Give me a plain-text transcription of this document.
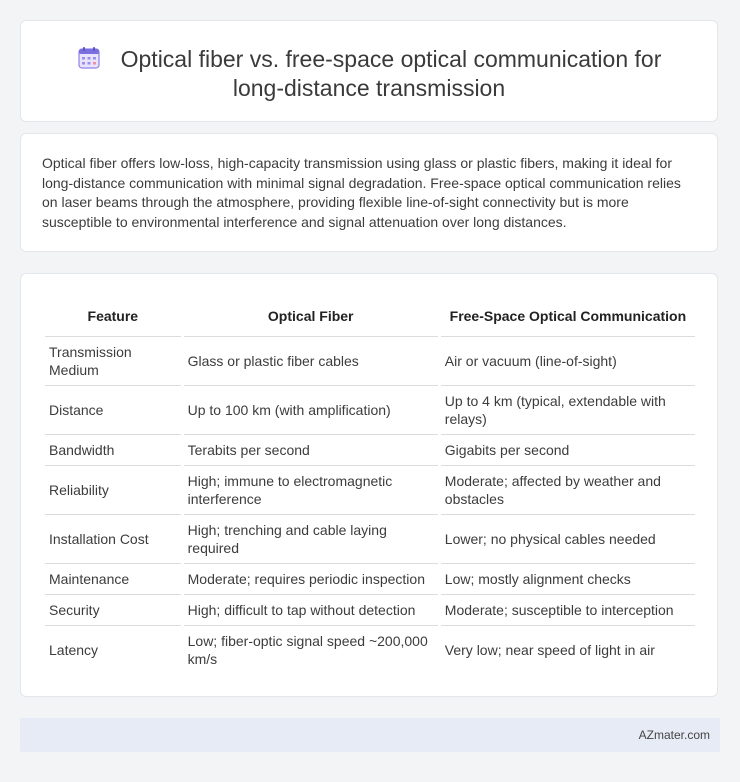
Optical fiber vs. free-space optical communication for
long-distance transmission
Optical fiber offers low-loss, high-capacity transmission using glass or plastic fibers, making it ideal for long-distance communication with minimal signal degradation. Free-space optical communication relies on laser beams through the atmosphere, providing flexible line-of-sight connectivity but is more susceptible to environmental interference and signal attenuation over long distances.
Feature	Optical Fiber	Free-Space Optical Communication
Transmission Medium	Glass or plastic fiber cables	Air or vacuum (line-of-sight)
Distance	Up to 100 km (with amplification)	Up to 4 km (typical, extendable with relays)
Bandwidth	Terabits per second	Gigabits per second
Reliability	High; immune to electromagnetic interference	Moderate; affected by weather and obstacles
Installation Cost	High; trenching and cable laying required	Lower; no physical cables needed
Maintenance	Moderate; requires periodic inspection	Low; mostly alignment checks
Security	High; difficult to tap without detection	Moderate; susceptible to interception
Latency	Low; fiber-optic signal speed ~200,000 km/s	Very low; near speed of light in air
AZmater.com
